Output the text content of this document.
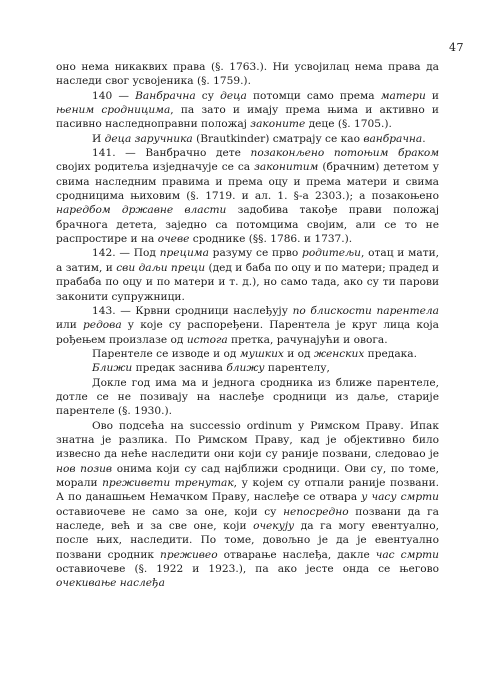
47

оно нема никаквих права (§. 1763.). Ни усвојилац нема права да наследи свог усвојеника (§. 1759.).

140 — Ванбрачна су деца потомци само према матери и њеним сродницима, па зато и имају према њима и активно и пасивно наследноправни положај законите деце (§. 1705.).

И деца заручника (Brautkinder) сматрају се као ванбрачна.

141. — Ванбрачно дете позаконљено потоњим браком својих родитеља изједначује се са законитим (брачним) дететом у свима наследним правима и према оцу и према матери и свима сродницима њиховим (§. 1719. и ал. 1. §-а 2303.); а позакоњено наредбом државне власти задобива такође прави положај брачнога детета, заједно са потомцима својим, али се то не распростире и на очеве сроднике (§§. 1786. и 1737.).

142. — Под прецима разуму се прво родитељи, отац и мати, а затим, и сви даљи преци (дед и баба по оцу и по матери; прадед и прабаба по оцу и по матери и т. д.), но само тада, ако су ти парови законити супружници.

143. — Крвни сродници наслеђују по блискости парентела или редова у које су распоређени. Парентела је круг лица која рођењем произлазе од истога претка, рачунајући и овога.

Парентеле се изводе и од мушких и од женских предака.

Ближи предак заснива ближу парентелу,

Докле год има ма и једнога сродника из ближе парентеле, дотле се не позивају на наслеђе сродници из даље, старије парентеле (§. 1930.).

Ово подсећа на successio ordinum у Римском Праву. Ипак знатна је разлика. По Римском Праву, кад је објективно било извесно да неће наследити они који су раније позвани, следовао је нов позив онима који су сад најближи сродници. Ови су, по томе, морали преживети тренутак, у којем су отпали раније позвани. А по данашњем Немачком Праву, наслеђе се отвара у часу смрти оставиочеве не само за оне, који су непосредно позвани да га наследе, већ и за све оне, који очекују да га могу евентуално, после њих, наследити. По томе, довољно је да је евентуално позвани сродник преживео отварање наслеђа, дакле час смрти оставиочеве (§. 1922 и 1923.), па ако јесте онда се његово очекивање наслеђа
